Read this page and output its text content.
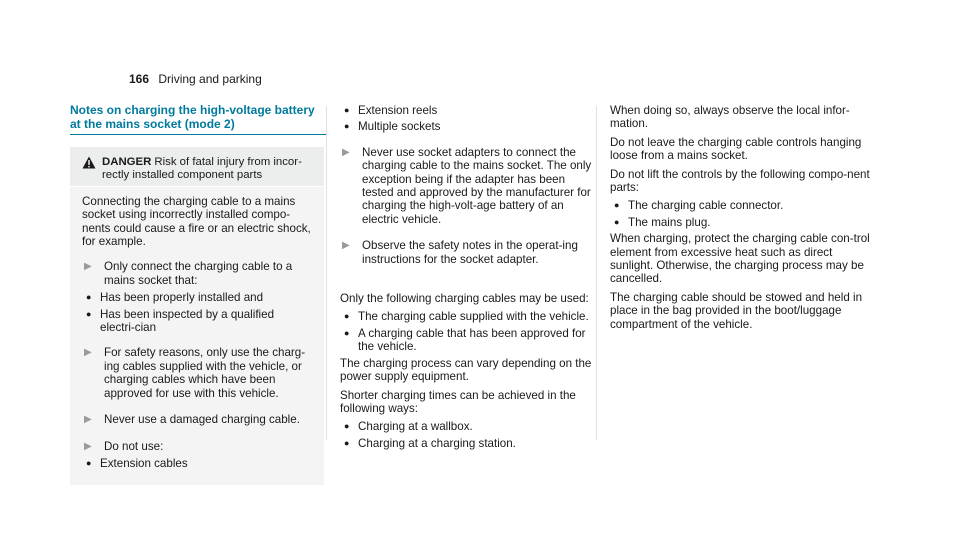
166 Driving and parking
Notes on charging the high-voltage battery
at the mains socket (mode 2)
DANGER Risk of fatal injury from incor-rectly installed component parts

Connecting the charging cable to a mains socket using incorrectly installed compo-nents could cause a fire or an electric shock, for example.

▶	Only connect the charging cable to a mains socket that:
● Has been properly installed and
● Has been inspected by a qualified electri-cian
▶	For safety reasons, only use the charg-ing cables supplied with the vehicle, or charging cables which have been approved for use with this vehicle.
▶	Never use a damaged charging cable.
▶	Do not use:
● Extension cables
● Extension reels
● Multiple sockets
▶	Never use socket adapters to connect the charging cable to the mains socket. The only exception being if the adapter has been tested and approved by the manufacturer for charging the high-volt-age battery of an electric vehicle.
▶	Observe the safety notes in the operat-ing instructions for the socket adapter.

Only the following charging cables may be used:

● The charging cable supplied with the vehicle.
● A charging cable that has been approved for the vehicle.

The charging process can vary depending on the power supply equipment.

Shorter charging times can be achieved in the following ways:

● Charging at a wallbox.
● Charging at a charging station.

When doing so, always observe the local infor-mation.

Do not leave the charging cable controls hanging loose from a mains socket.

Do not lift the controls by the following compo-nent parts:

● The charging cable connector.
● The mains plug.

When charging, protect the charging cable con-trol element from excessive heat such as direct sunlight. Otherwise, the charging process may be cancelled.

The charging cable should be stowed and held in place in the bag provided in the boot/luggage compartment of the vehicle.
